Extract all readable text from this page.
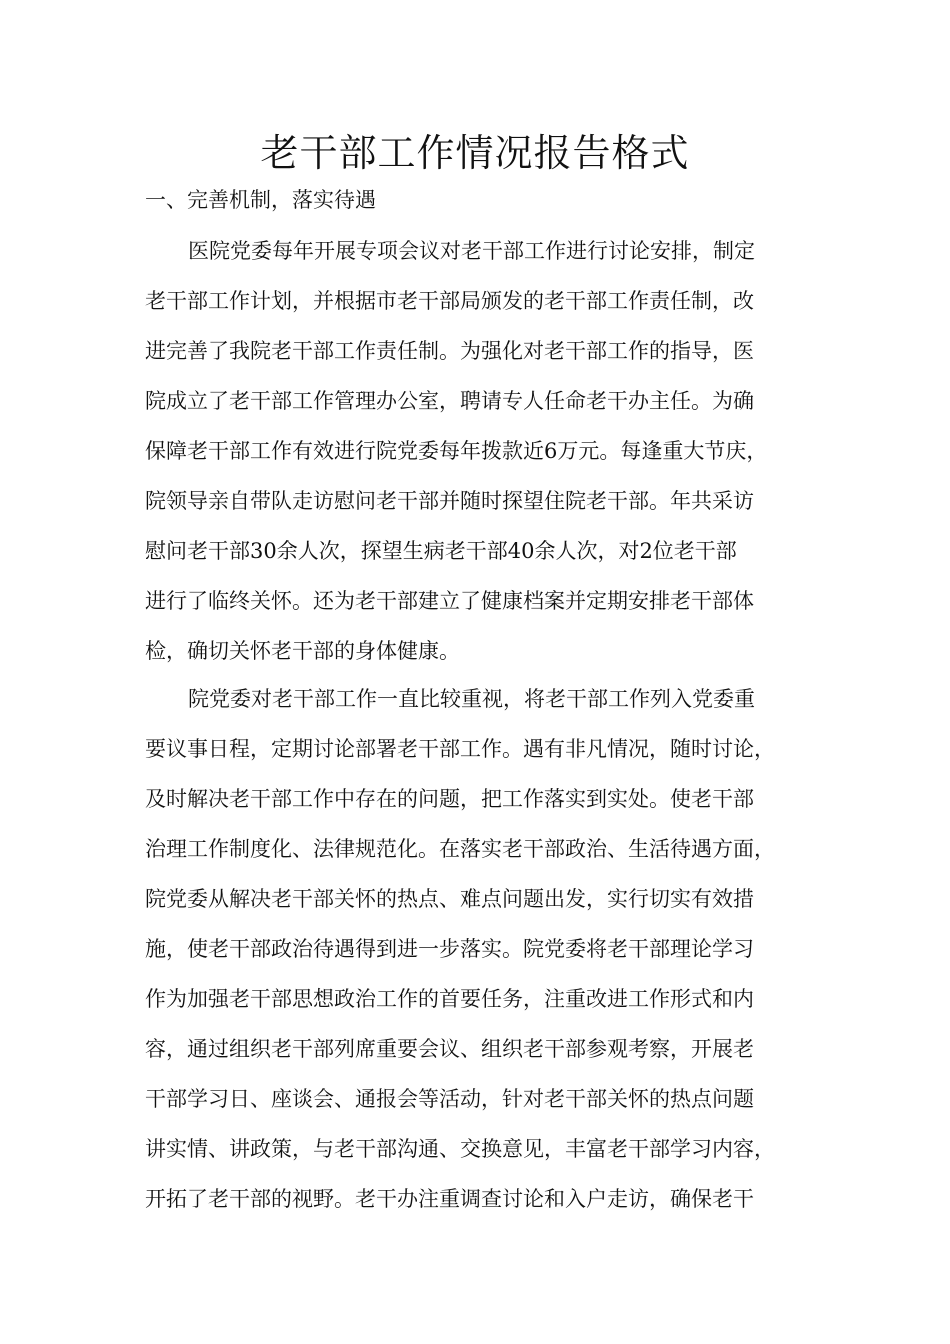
老干部工作情况报告格式

一、完善机制，落实待遇

医院党委每年开展专项会议对老干部工作进行讨论安排，制定

老干部工作计划，并根据市老干部局颁发的老干部工作责任制，改

进完善了我院老干部工作责任制。为强化对老干部工作的指导，医

院成立了老干部工作管理办公室，聘请专人任命老干办主任。为确

保障老干部工作有效进行院党委每年拨款近6万元。每逢重大节庆，

院领导亲自带队走访慰问老干部并随时探望住院老干部。年共采访

慰问老干部30余人次，探望生病老干部40余人次，对2位老干部

进行了临终关怀。还为老干部建立了健康档案并定期安排老干部体

检，确切关怀老干部的身体健康。

院党委对老干部工作一直比较重视，将老干部工作列入党委重

要议事日程，定期讨论部署老干部工作。遇有非凡情况，随时讨论，

及时解决老干部工作中存在的问题，把工作落实到实处。使老干部

治理工作制度化、法律规范化。在落实老干部政治、生活待遇方面，

院党委从解决老干部关怀的热点、难点问题出发，实行切实有效措

施，使老干部政治待遇得到进一步落实。院党委将老干部理论学习

作为加强老干部思想政治工作的首要任务，注重改进工作形式和内

容，通过组织老干部列席重要会议、组织老干部参观考察，开展老

干部学习日、座谈会、通报会等活动，针对老干部关怀的热点问题

讲实情、讲政策，与老干部沟通、交换意见，丰富老干部学习内容，

开拓了老干部的视野。老干办注重调查讨论和入户走访，确保老干
